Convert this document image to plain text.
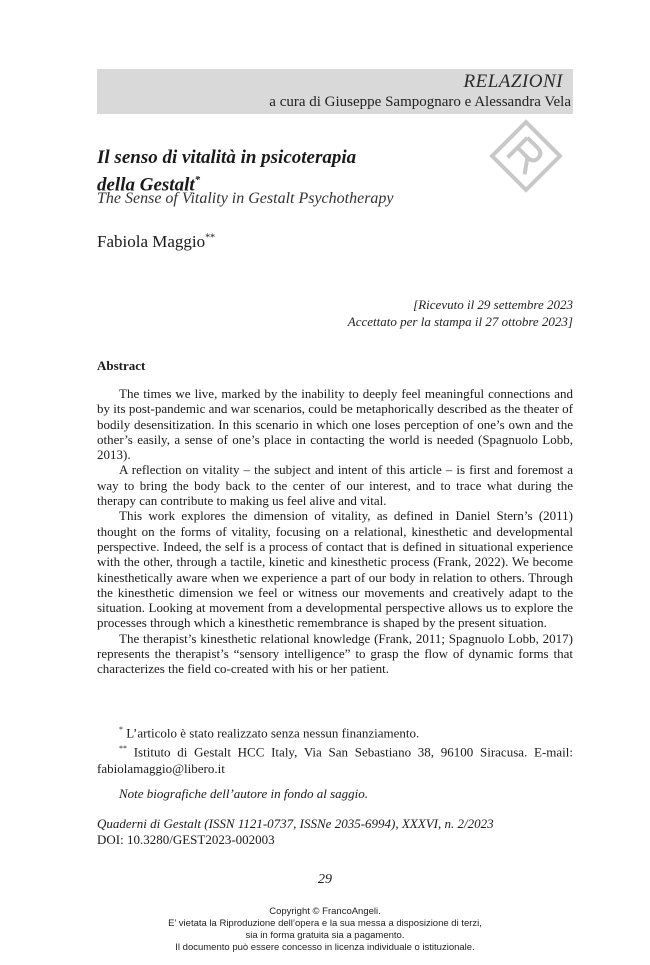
RELAZIONI
a cura di Giuseppe Sampognaro e Alessandra Vela
Il senso di vitalità in psicoterapia
della Gestalt*
The Sense of Vitality in Gestalt Psychotherapy
Fabiola Maggio**
[Ricevuto il 29 settembre 2023
Accettato per la stampa il 27 ottobre 2023]
Abstract

The times we live, marked by the inability to deeply feel meaningful connections and by its post-pandemic and war scenarios, could be metaphorically described as the theater of bodily desensitization. In this scenario in which one loses perception of one’s own and the other’s easily, a sense of one’s place in contacting the world is needed (Spagnuolo Lobb, 2013).

A reflection on vitality – the subject and intent of this article – is first and foremost a way to bring the body back to the center of our interest, and to trace what during the therapy can contribute to making us feel alive and vital.

This work explores the dimension of vitality, as defined in Daniel Stern’s (2011) thought on the forms of vitality, focusing on a relational, kinesthetic and developmental perspective. Indeed, the self is a process of contact that is defined in situational experience with the other, through a tactile, kinetic and kinesthetic process (Frank, 2022). We become kinesthetically aware when we experience a part of our body in relation to others. Through the kinesthetic dimension we feel or witness our movements and creatively adapt to the situation. Looking at movement from a developmental perspective allows us to explore the processes through which a kinesthetic remembrance is shaped by the present situation.

The therapist’s kinesthetic relational knowledge (Frank, 2011; Spagnuolo Lobb, 2017) represents the therapist’s “sensory intelligence” to grasp the flow of dynamic forms that characterizes the field co-created with his or her patient.

* L’articolo è stato realizzato senza nessun finanziamento.

** Istituto di Gestalt HCC Italy, Via San Sebastiano 38, 96100 Siracusa. E-mail: fabiolamaggio@libero.it

Note biografiche dell’autore in fondo al saggio.
Quaderni di Gestalt (ISSN 1121-0737, ISSNe 2035-6994), XXXVI, n. 2/2023
DOI: 10.3280/GEST2023-002003
29
Copyright © FrancoAngeli.
E’ vietata la Riproduzione dell’opera e la sua messa a disposizione di terzi,
sia in forma gratuita sia a pagamento.
Il documento può essere concesso in licenza individuale o istituzionale.
